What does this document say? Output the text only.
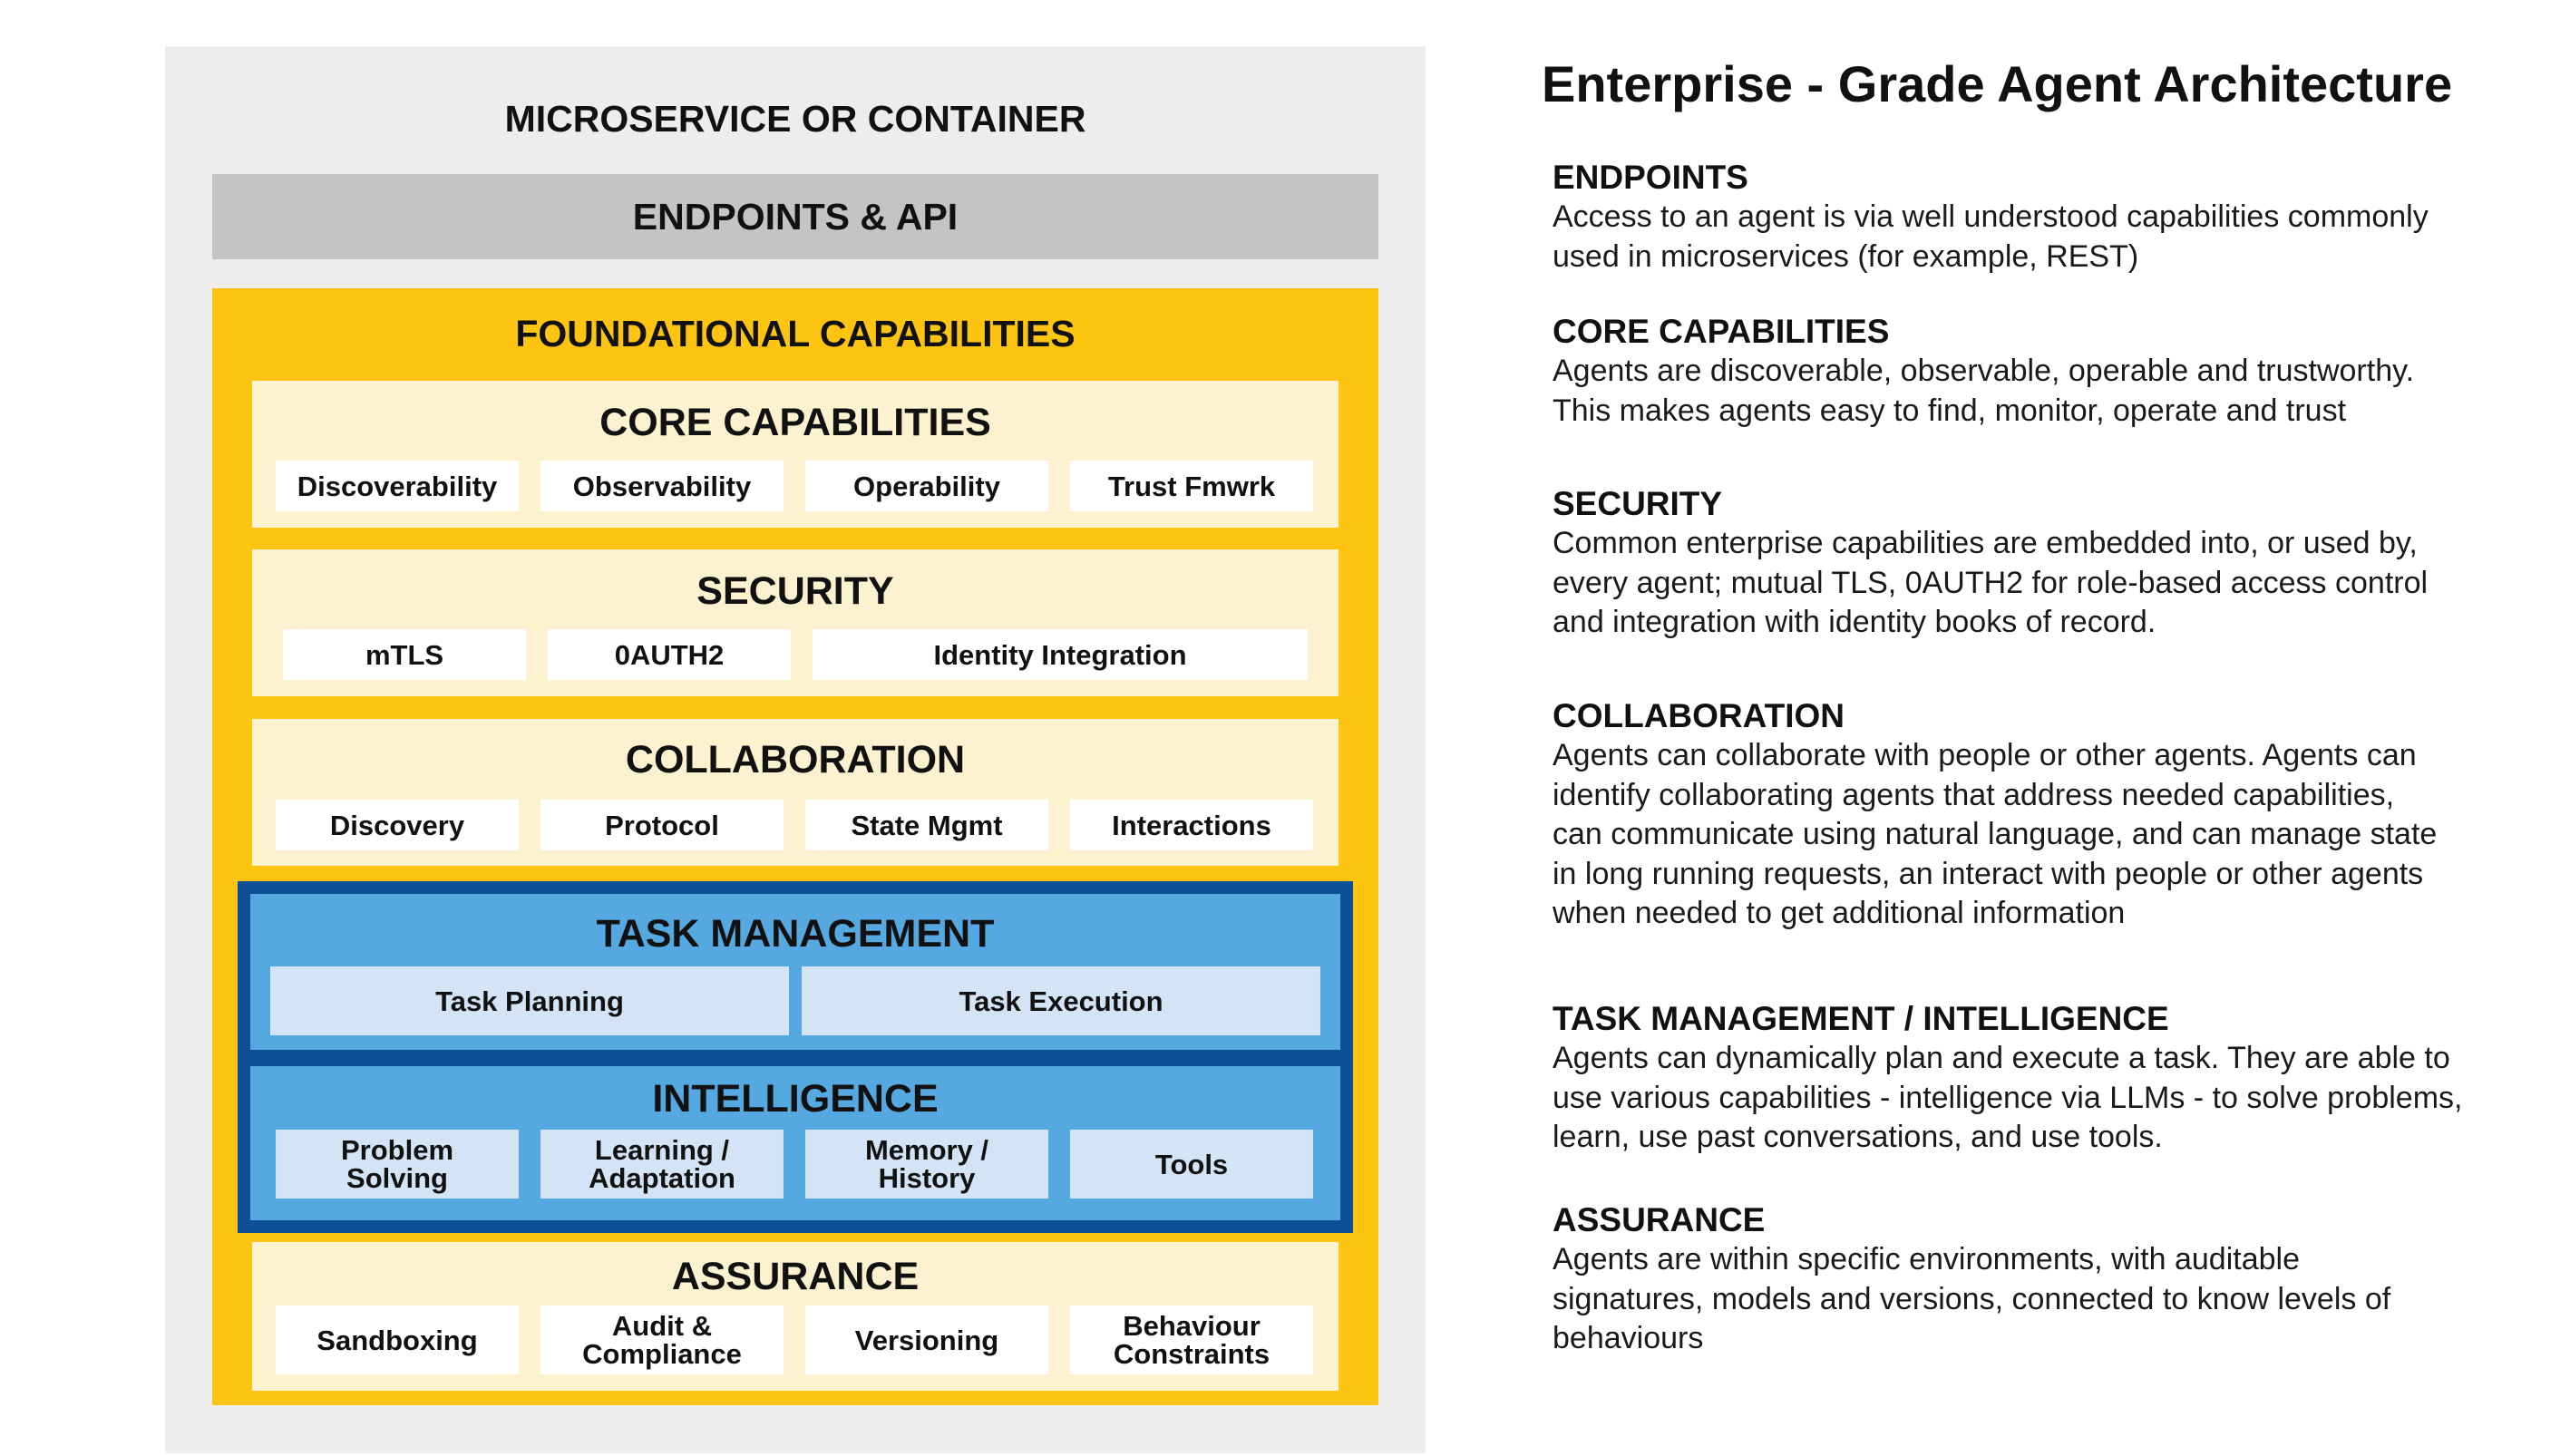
MICROSERVICE OR CONTAINER
ENDPOINTS & API
FOUNDATIONAL CAPABILITIES
CORE CAPABILITIES
Discoverability	Observability	Operability	Trust Fmwrk
SECURITY
mTLS	0AUTH2	Identity Integration
COLLABORATION
Discovery	Protocol	State Mgmt	Interactions
TASK MANAGEMENT
Task Planning	Task Execution
INTELLIGENCE
Problem
Solving
Learning /
Adaptation
Memory /
History	Tools
ASSURANCE
Sandboxing	Audit &
Compliance	Versioning	Behaviour
Constraints
Enterprise - Grade Agent Architecture
ENDPOINTS
Access to an agent is via well understood capabilities commonly
used in microservices (for example, REST)
CORE CAPABILITIES
Agents are discoverable, observable, operable and trustworthy.
This makes agents easy to find, monitor, operate and trust
SECURITY
Common enterprise capabilities are embedded into, or used by,
every agent; mutual TLS, 0AUTH2 for role-based access control
and integration with identity books of record.
COLLABORATION
Agents can collaborate with people or other agents. Agents can
identify collaborating agents that address needed capabilities,
can communicate using natural language, and can manage state
in long running requests, an interact with people or other agents
when needed to get additional information
TASK MANAGEMENT / INTELLIGENCE
Agents can dynamically plan and execute a task. They are able to
use various capabilities - intelligence via LLMs - to solve problems,
learn, use past conversations, and use tools.
ASSURANCE
Agents are within specific environments, with auditable
signatures, models and versions, connected to know levels of
behaviours
